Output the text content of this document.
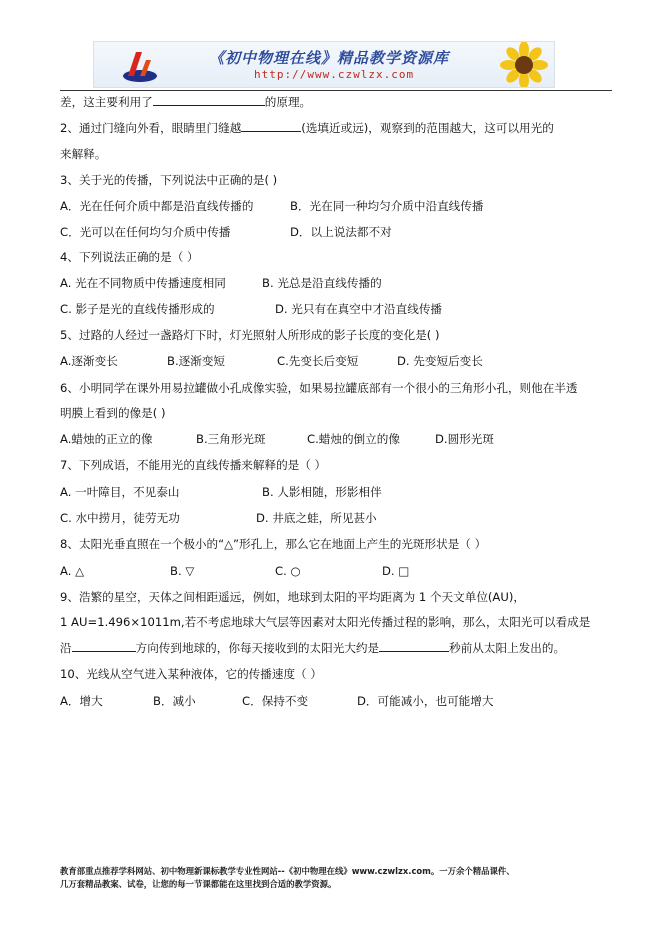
《初中物理在线》精品教学资源库
http://www.czwlzx.com
差，这主要利用了	的原理。
2、通过门缝向外看，眼睛里门缝越	(选填近或远)，观察到的范围越大，这可以用光的
来解释。
3、关于光的传播，下列说法中正确的是( )
A．光在任何介质中都是沿直线传播的	B．光在同一种均匀介质中沿直线传播
C．光可以在任何均匀介质中传播	D．以上说法都不对
4、下列说法正确的是（ ）
A. 光在不同物质中传播速度相同	B. 光总是沿直线传播的
C. 影子是光的直线传播形成的	D. 光只有在真空中才沿直线传播
5、过路的人经过一盏路灯下时，灯光照射人所形成的影子长度的变化是( )
A.逐渐变长	B.逐渐变短	C.先变长后变短	D. 先变短后变长
6、小明同学在课外用易拉罐做小孔成像实验，如果易拉罐底部有一个很小的三角形小孔，则他在半透
明膜上看到的像是( )
A.蜡烛的正立的像	B.三角形光斑	C.蜡烛的倒立的像	D.圆形光斑
7、下列成语，不能用光的直线传播来解释的是（ ）
A. 一叶障目，不见泰山	B. 人影相随，形影相伴
C. 水中捞月，徒劳无功	D. 井底之蛙，所见甚小
8、太阳光垂直照在一个极小的“△”形孔上，那么它在地面上产生的光斑形状是（ ）
A. △	B. ▽	C. ○	D. □
9、浩繁的星空，天体之间相距遥远，例如，地球到太阳的平均距离为 1 个天文单位(AU)，
1 AU=1.496×1011m,若不考虑地球大气层等因素对太阳光传播过程的影响，那么，太阳光可以看成是
沿	方向传到地球的，你每天接收到的太阳光大约是	秒前从太阳上发出的。
10、光线从空气进入某种液体，它的传播速度（ ）
A．增大	B．减小	C．保持不变	D．可能减小，也可能增大
教育部重点推荐学科网站、初中物理新课标教学专业性网站--《初中物理在线》www.czwlzx.com。一万余个精品课件、
几万套精品教案、试卷，让您的每一节课都能在这里找到合适的教学资源。
